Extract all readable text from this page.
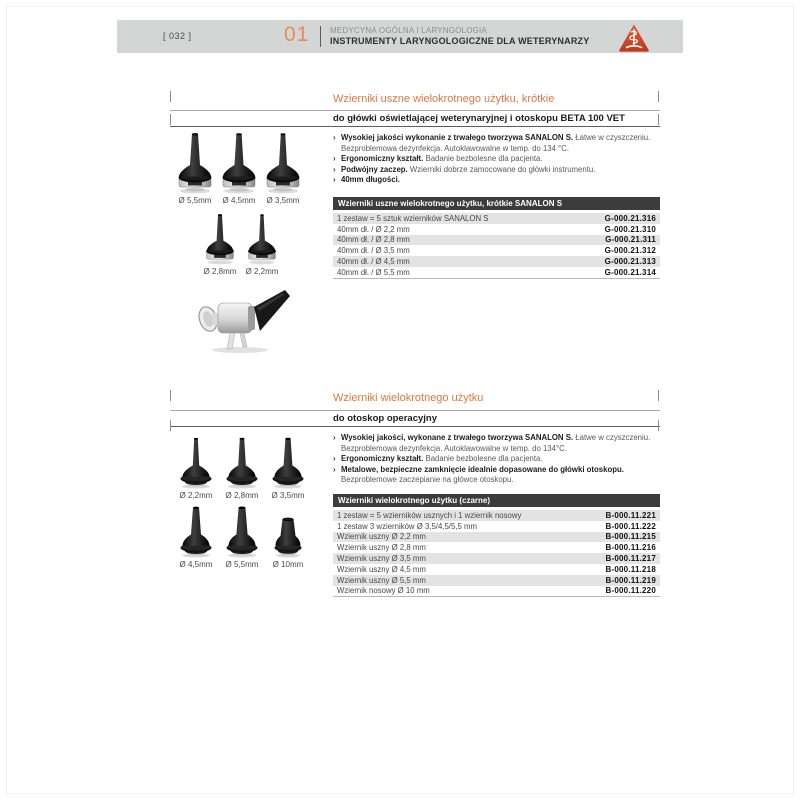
[ 032 ]	01	MEDYCYNA OGÓLNA I LARYNGOLOGIA
INSTRUMENTY LARYNGOLOGICZNE DLA WETERYNARZY
Wzierniki uszne wielokrotnego użytku, krótkie
do główki oświetlającej weterynaryjnej i otoskopu BETA 100 VET
› Wysokiej jakości wykonanie z trwałego tworzywa SANALON S. Łatwe w czyszczeniu. Bezproblemowa dezynfekcja. Autoklawowalne w temp. do 134 °C.
› Ergonomiczny kształt. Badanie bezbolesne dla pacjenta.
› Podwójny zaczep. Wzierniki dobrze zamocowane do główki instrumentu.
› 40mm długości.
Ø 5,5mm	Ø 4,5mm	Ø 3,5mm
Ø 2,8mm	Ø 2,2mm
Wzierniki uszne wielokrotnego użytku, krótkie SANALON S
1 zestaw = 5 sztuk wzierników SANALON S	G-000.21.316
40mm dł. / Ø 2,2 mm	G-000.21.310
40mm dł. / Ø 2,8 mm	G-000.21.311
40mm dł. / Ø 3,5 mm	G-000.21.312
40mm dł. / Ø 4,5 mm	G-000.21.313
40mm dł. / Ø 5,5 mm	G-000.21.314
Wzierniki wielokrotnego użytku
do otoskop operacyjny
› Wysokiej jakości, wykonane z trwałego tworzywa SANALON S. Łatwe w czyszczeniu. Bezproblemowa dezynfekcja. Autoklawowalne w temp. do 134°C.
› Ergonomiczny kształt. Badanie bezbolesne dla pacjenta.
› Metalowe, bezpieczne zamknięcie idealnie dopasowane do główki otoskopu. Bezproblemowe zaczepianie na główce otoskopu.
Ø 2,2mm	Ø 2,8mm	Ø 3,5mm
Ø 4,5mm	Ø 5,5mm	Ø 10mm
Wzierniki wielokrotnego użytku (czarne)
1 zestaw = 5 wzierników usznych i 1 wziernik nosowy	B-000.11.221
1 zestaw 3 wzierników Ø 3,5/4,5/5,5 mm	B-000.11.222
Wziernik uszny Ø 2,2 mm	B-000.11.215
Wziernik uszny Ø 2,8 mm	B-000.11.216
Wziernik uszny Ø 3,5 mm	B-000.11.217
Wziernik uszny Ø 4,5 mm	B-000.11.218
Wziernik uszny Ø 5,5 mm	B-000.11.219
Wziernik nosowy Ø 10 mm	B-000.11.220
